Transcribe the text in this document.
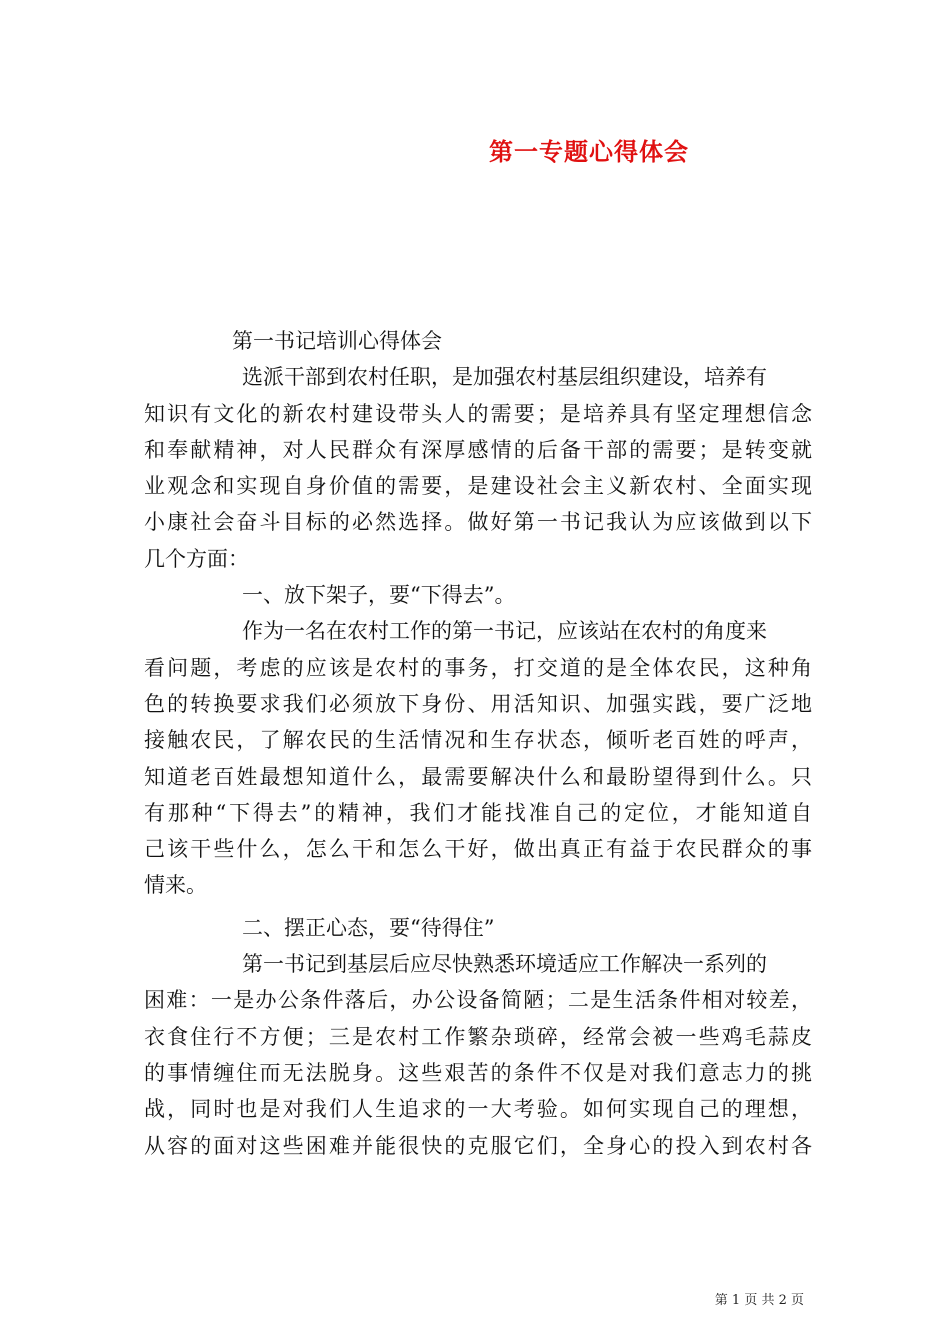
第一专题心得体会
第一书记培训心得体会
选派干部到农村任职，是加强农村基层组织建设，培养有
知识有文化的新农村建设带头人的需要；是培养具有坚定理想信念
和奉献精神，对人民群众有深厚感情的后备干部的需要；是转变就
业观念和实现自身价值的需要，是建设社会主义新农村、全面实现
小康社会奋斗目标的必然选择。做好第一书记我认为应该做到以下
几个方面：
一、放下架子，要“下得去”。
作为一名在农村工作的第一书记，应该站在农村的角度来
看问题，考虑的应该是农村的事务，打交道的是全体农民，这种角
色的转换要求我们必须放下身份、用活知识、加强实践，要广泛地
接触农民，了解农民的生活情况和生存状态，倾听老百姓的呼声，
知道老百姓最想知道什么，最需要解决什么和最盼望得到什么。只
有那种“下得去”的精神，我们才能找准自己的定位，才能知道自
己该干些什么，怎么干和怎么干好，做出真正有益于农民群众的事
情来。
二、摆正心态，要“待得住”
第一书记到基层后应尽快熟悉环境适应工作解决一系列的
困难：一是办公条件落后，办公设备简陋；二是生活条件相对较差，
衣食住行不方便；三是农村工作繁杂琐碎，经常会被一些鸡毛蒜皮
的事情缠住而无法脱身。这些艰苦的条件不仅是对我们意志力的挑
战，同时也是对我们人生追求的一大考验。如何实现自己的理想，
从容的面对这些困难并能很快的克服它们，全身心的投入到农村各
第 1 页 共 2 页
